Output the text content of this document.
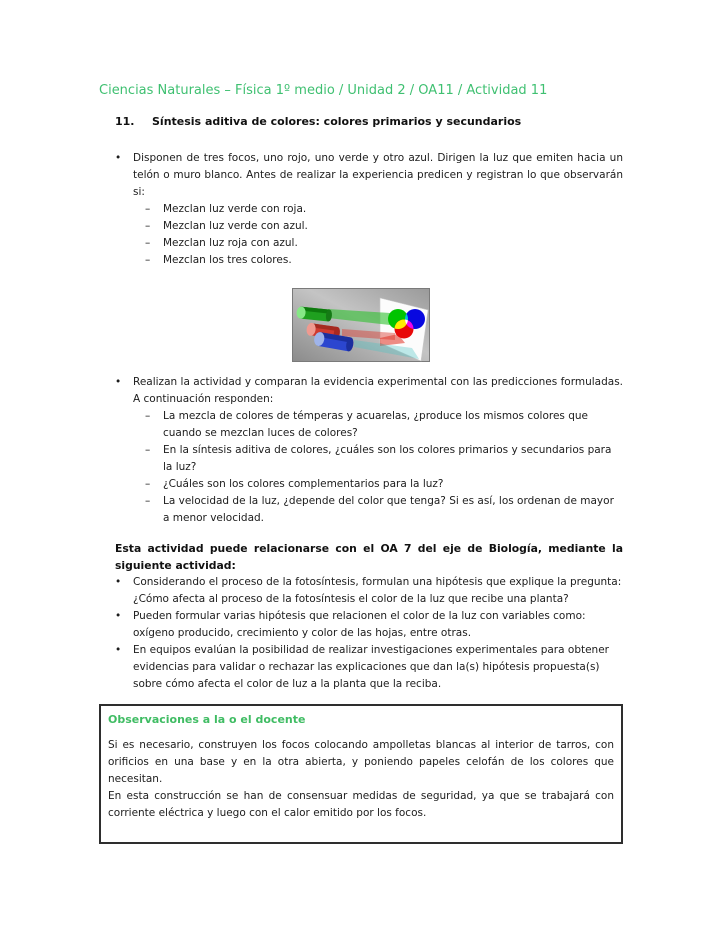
Ciencias Naturales – Física 1º medio / Unidad 2 / OA11 / Actividad 11
11.	Síntesis aditiva de colores: colores primarios y secundarios

• Disponen de tres focos, uno rojo, uno verde y otro azul. Dirigen la luz que emiten hacia un telón o muro blanco. Antes de realizar la experiencia predicen y registran lo que observarán si:

– Mezclan luz verde con roja.
– Mezclan luz verde con azul.
– Mezclan luz roja con azul.
– Mezclan los tres colores.

• Realizan la actividad y comparan la evidencia experimental con las predicciones formuladas. A continuación responden:

– La mezcla de colores de témperas y acuarelas, ¿produce los mismos colores que cuando se mezclan luces de colores?
– En la síntesis aditiva de colores, ¿cuáles son los colores primarios y secundarios para la luz?
– ¿Cuáles son los colores complementarios para la luz?
– La velocidad de la luz, ¿depende del color que tenga? Si es así, los ordenan de mayor a menor velocidad.

Esta actividad puede relacionarse con el OA 7 del eje de Biología, mediante la siguiente actividad:

• Considerando el proceso de la fotosíntesis, formulan una hipótesis que explique la pregunta: ¿Cómo afecta al proceso de la fotosíntesis el color de la luz que recibe una planta?
• Pueden formular varias hipótesis que relacionen el color de la luz con variables como: oxígeno producido, crecimiento y color de las hojas, entre otras.
• En equipos evalúan la posibilidad de realizar investigaciones experimentales para obtener evidencias para validar o rechazar las explicaciones que dan la(s) hipótesis propuesta(s) sobre cómo afecta el color de luz a la planta que la reciba.
Observaciones a la o el docente

Si es necesario, construyen los focos colocando ampolletas blancas al interior de tarros, con orificios en una base y en la otra abierta, y poniendo papeles celofán de los colores que necesitan.

En esta construcción se han de consensuar medidas de seguridad, ya que se trabajará con corriente eléctrica y luego con el calor emitido por los focos.
